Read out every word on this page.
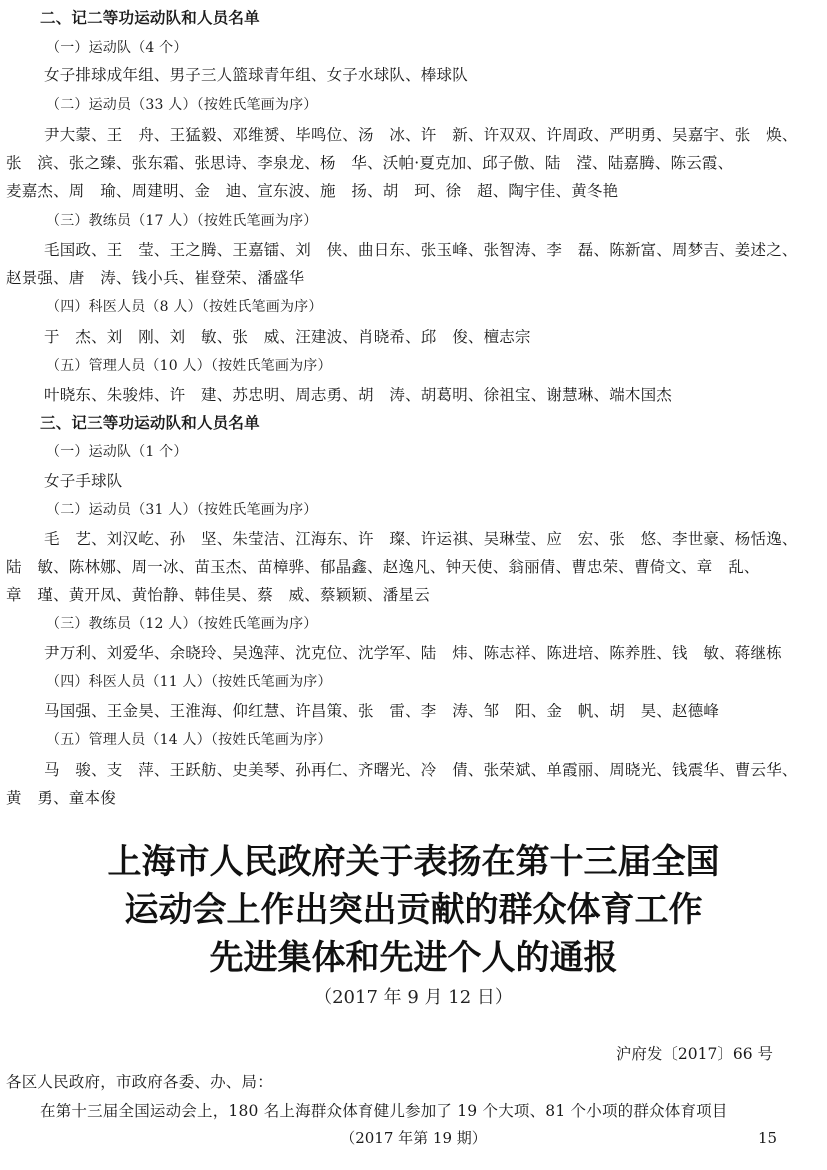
二、记二等功运动队和人员名单
（一）运动队（4 个）
女子排球成年组、男子三人篮球青年组、女子水球队、棒球队
（二）运动员（33 人）（按姓氏笔画为序）
尹大蒙、王　舟、王猛毅、邓维赟、毕鸣位、汤　冰、许　新、许双双、许周政、严明勇、吴嘉宇、张　焕、
张　滨、张之臻、张东霜、张思诗、李泉龙、杨　华、沃帕·夏克加、邱子傲、陆　滢、陆嘉腾、陈云霞、
麦嘉杰、周　瑜、周建明、金　迪、宣东波、施　扬、胡　珂、徐　超、陶宇佳、黄冬艳
（三）教练员（17 人）（按姓氏笔画为序）
毛国政、王　莹、王之腾、王嘉镭、刘　侠、曲日东、张玉峰、张智涛、李　磊、陈新富、周梦吉、姜述之、
赵景强、唐　涛、钱小兵、崔登荣、潘盛华
（四）科医人员（8 人）（按姓氏笔画为序）
于　杰、刘　刚、刘　敏、张　威、汪建波、肖晓希、邱　俊、檀志宗
（五）管理人员（10 人）（按姓氏笔画为序）
叶晓东、朱骏炜、许　建、苏忠明、周志勇、胡　涛、胡葛明、徐祖宝、谢慧琳、端木国杰
三、记三等功运动队和人员名单
（一）运动队（1 个）
女子手球队
（二）运动员（31 人）（按姓氏笔画为序）
毛　艺、刘汉屹、孙　坚、朱莹洁、江海东、许　璨、许运祺、吴琳莹、应　宏、张　悠、李世豪、杨恬逸、
陆　敏、陈林娜、周一冰、苗玉杰、苗樟骅、郁晶鑫、赵逸凡、钟天使、翁丽倩、曹忠荣、曹倚文、章　乱、
章　瑾、黄开凤、黄怡静、韩佳昊、蔡　威、蔡颖颖、潘星云
（三）教练员（12 人）（按姓氏笔画为序）
尹万利、刘爱华、余晓玲、吴逸萍、沈克位、沈学军、陆　炜、陈志祥、陈进培、陈养胜、钱　敏、蒋继栋
（四）科医人员（11 人）（按姓氏笔画为序）
马国强、王金昊、王淮海、仰红慧、许昌策、张　雷、李　涛、邹　阳、金　帆、胡　昊、赵德峰
（五）管理人员（14 人）（按姓氏笔画为序）
马　骏、支　萍、王跃舫、史美琴、孙再仁、齐曙光、冷　倩、张荣斌、单霞丽、周晓光、钱震华、曹云华、
黄　勇、童本俊
上海市人民政府关于表扬在第十三届全国
运动会上作出突出贡献的群众体育工作
先进集体和先进个人的通报
（2017 年 9 月 12 日）
沪府发〔2017〕66 号
各区人民政府，市政府各委、办、局：
在第十三届全国运动会上，180 名上海群众体育健儿参加了 19 个大项、81 个小项的群众体育项目
（2017 年第 19 期）	15
